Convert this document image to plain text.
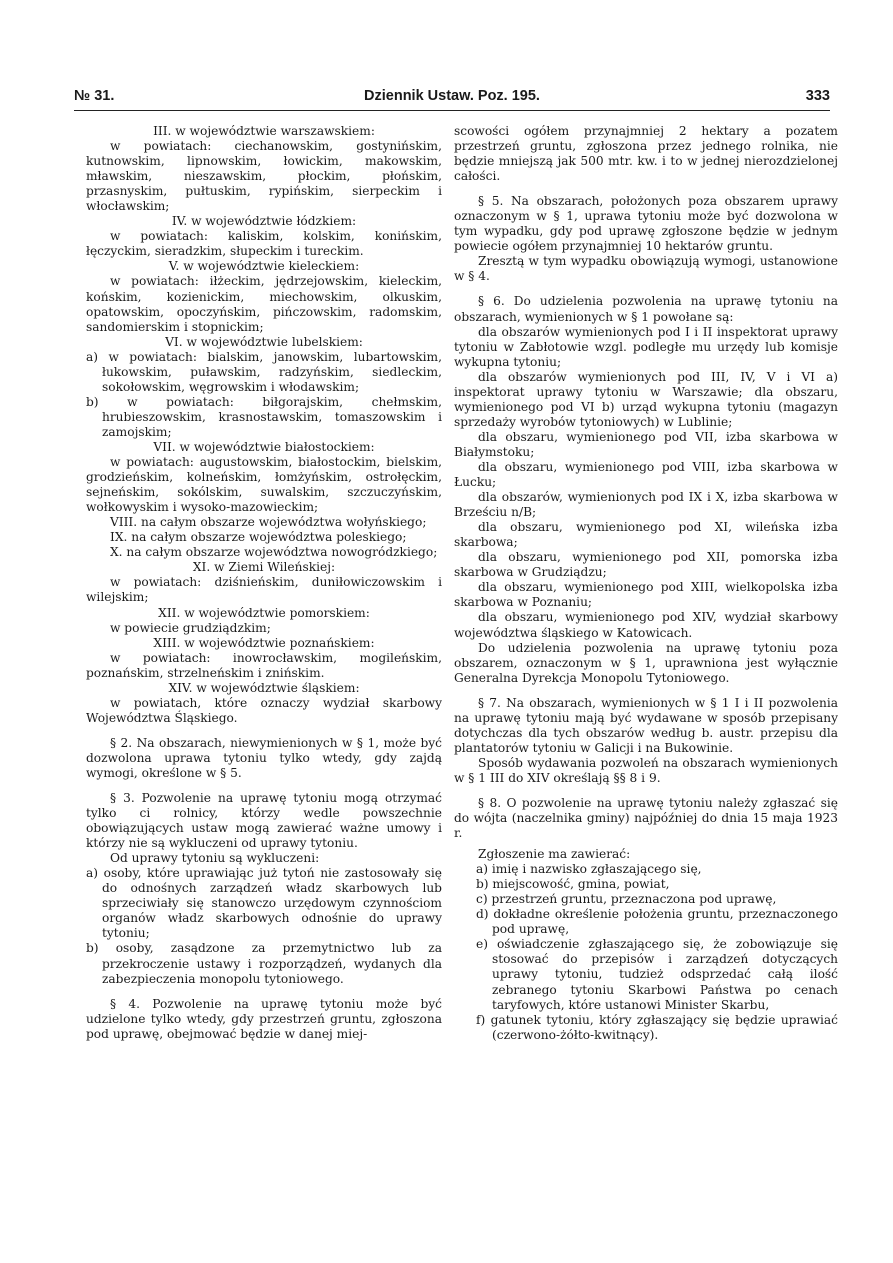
№ 31.	Dziennik Ustaw. Poz. 195.	333

III. w województwie warszawskiem:

w powiatach: ciechanowskim, gostynińskim, kutnowskim, lipnowskim, łowickim, makowskim, mławskim, nieszawskim, płockim, płońskim, przasnyskim, pułtuskim, rypińskim, sierpeckim i włocławskim;

IV. w województwie łódzkiem:

w powiatach: kaliskim, kolskim, konińskim, łęczyckim, sieradzkim, słupeckim i tureckim.

V. w województwie kieleckiem:

w powiatach: iłżeckim, jędrzejowskim, kieleckim, końskim, kozienickim, miechowskim, olkuskim, opatowskim, opoczyńskim, pińczowskim, radomskim, sandomierskim i stopnickim;

VI. w województwie lubelskiem:

a) w powiatach: bialskim, janowskim, lubartowskim, łukowskim, puławskim, radzyńskim, siedleckim, sokołowskim, węgrowskim i włodawskim;

b) w powiatach: biłgorajskim, chełmskim, hrubieszowskim, krasnostawskim, tomaszowskim i zamojskim;

VII. w województwie białostockiem:

w powiatach: augustowskim, białostockim, bielskim, grodzieńskim, kolneńskim, łomżyńskim, ostrołęckim, sejneńskim, sokólskim, suwalskim, szczuczyńskim, wołkowyskim i wysoko-mazowieckim;

VIII. na całym obszarze województwa wołyńskiego;

IX. na całym obszarze województwa poleskiego;

X. na całym obszarze województwa nowogródzkiego;

XI. w Ziemi Wileńskiej:

w powiatach: dziśnieńskim, duniłowiczowskim i wilejskim;

XII. w województwie pomorskiem:

w powiecie grudziądzkim;

XIII. w województwie poznańskiem:

w powiatach: inowrocławskim, mogileńskim, poznańskim, strzelneńskim i znińskim.

XIV. w województwie śląskiem:

w powiatach, które oznaczy wydział skarbowy Województwa Śląskiego.

§ 2. Na obszarach, niewymienionych w § 1, może być dozwolona uprawa tytoniu tylko wtedy, gdy zajdą wymogi, określone w § 5.

§ 3. Pozwolenie na uprawę tytoniu mogą otrzymać tylko ci rolnicy, którzy wedle powszechnie obowiązujących ustaw mogą zawierać ważne umowy i którzy nie są wykluczeni od uprawy tytoniu.

Od uprawy tytoniu są wykluczeni:

a) osoby, które uprawiając już tytoń nie zastosowały się do odnośnych zarządzeń władz skarbowych lub sprzeciwiały się stanowczo urzędowym czynnościom organów władz skarbowych odnośnie do uprawy tytoniu;

b) osoby, zasądzone za przemytnictwo lub za przekroczenie ustawy i rozporządzeń, wydanych dla zabezpieczenia monopolu tytoniowego.

§ 4. Pozwolenie na uprawę tytoniu może być udzielone tylko wtedy, gdy przestrzeń gruntu, zgłoszona pod uprawę, obejmować będzie w danej miej-

scowości ogółem przynajmniej 2 hektary a pozatem przestrzeń gruntu, zgłoszona przez jednego rolnika, nie będzie mniejszą jak 500 mtr. kw. i to w jednej nierozdzielonej całości.

§ 5. Na obszarach, położonych poza obszarem uprawy oznaczonym w § 1, uprawa tytoniu może być dozwolona w tym wypadku, gdy pod uprawę zgłoszone będzie w jednym powiecie ogółem przynajmniej 10 hektarów gruntu.

Zresztą w tym wypadku obowiązują wymogi, ustanowione w § 4.

§ 6. Do udzielenia pozwolenia na uprawę tytoniu na obszarach, wymienionych w § 1 powołane są:

dla obszarów wymienionych pod I i II inspektorat uprawy tytoniu w Zabłotowie wzgl. podległe mu urzędy lub komisje wykupna tytoniu;

dla obszarów wymienionych pod III, IV, V i VI a) inspektorat uprawy tytoniu w Warszawie; dla obszaru, wymienionego pod VI b) urząd wykupna tytoniu (magazyn sprzedaży wyrobów tytoniowych) w Lublinie;

dla obszaru, wymienionego pod VII, izba skarbowa w Białymstoku;

dla obszaru, wymienionego pod VIII, izba skarbowa w Łucku;

dla obszarów, wymienionych pod IX i X, izba skarbowa w Brześciu n/B;

dla obszaru, wymienionego pod XI, wileńska izba skarbowa;

dla obszaru, wymienionego pod XII, pomorska izba skarbowa w Grudziądzu;

dla obszaru, wymienionego pod XIII, wielkopolska izba skarbowa w Poznaniu;

dla obszaru, wymienionego pod XIV, wydział skarbowy województwa śląskiego w Katowicach.

Do udzielenia pozwolenia na uprawę tytoniu poza obszarem, oznaczonym w § 1, uprawniona jest wyłącznie Generalna Dyrekcja Monopolu Tytoniowego.

§ 7. Na obszarach, wymienionych w § 1 I i II pozwolenia na uprawę tytoniu mają być wydawane w sposób przepisany dotychczas dla tych obszarów według b. austr. przepisu dla plantatorów tytoniu w Galicji i na Bukowinie.

Sposób wydawania pozwoleń na obszarach wymienionych w § 1 III do XIV określają §§ 8 i 9.

§ 8. O pozwolenie na uprawę tytoniu należy zgłaszać się do wójta (naczelnika gminy) najpóźniej do dnia 15 maja 1923 r.

Zgłoszenie ma zawierać:

a) imię i nazwisko zgłaszającego się,

b) miejscowość, gmina, powiat,

c) przestrzeń gruntu, przeznaczona pod uprawę,

d) dokładne określenie położenia gruntu, przeznaczonego pod uprawę,

e) oświadczenie zgłaszającego się, że zobowiązuje się stosować do przepisów i zarządzeń dotyczących uprawy tytoniu, tudzież odsprzedać całą ilość zebranego tytoniu Skarbowi Państwa po cenach taryfowych, które ustanowi Minister Skarbu,

f) gatunek tytoniu, który zgłaszający się będzie uprawiać (czerwono-żółto-kwitnący).
